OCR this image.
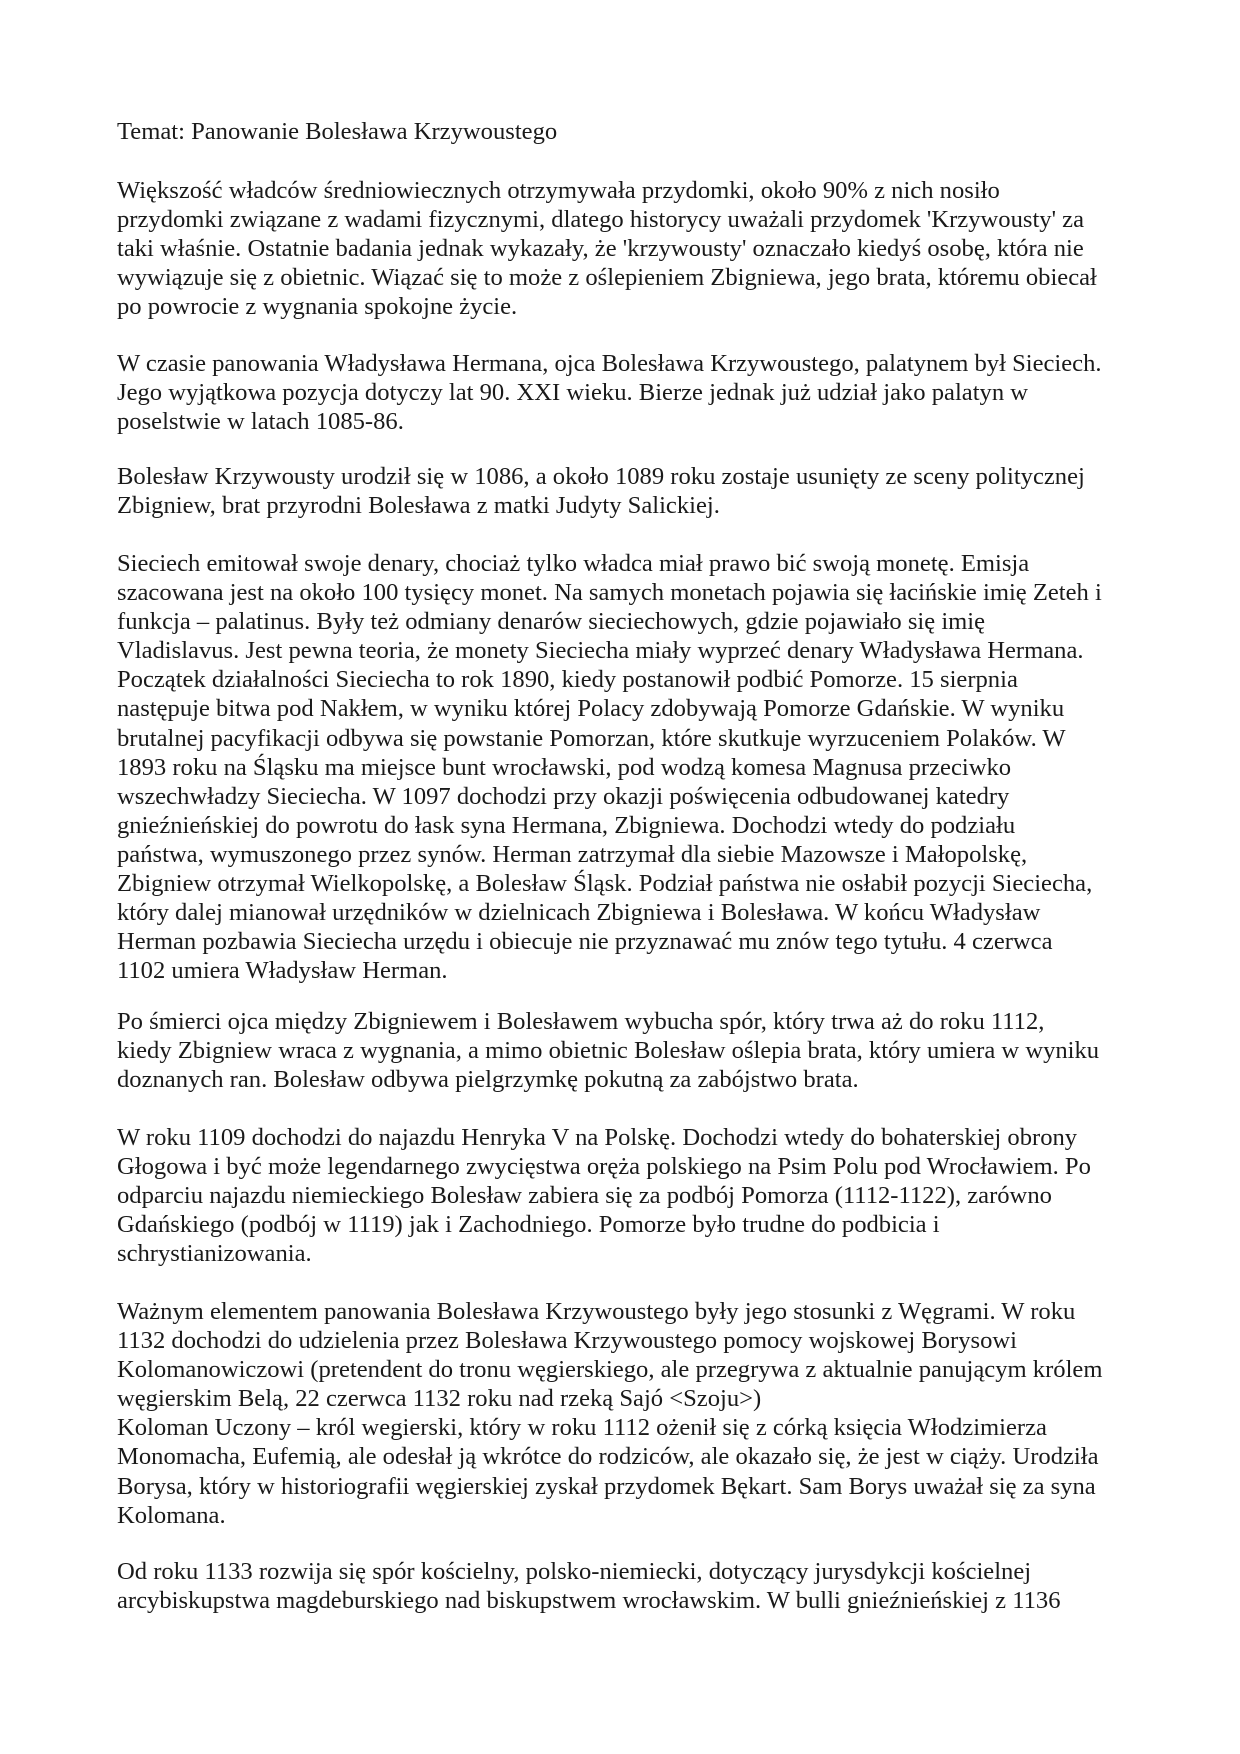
Temat: Panowanie Bolesława Krzywoustego
Większość władców średniowiecznych otrzymywała przydomki, około 90% z nich nosiło
przydomki związane z wadami fizycznymi, dlatego historycy uważali przydomek 'Krzywousty' za
taki właśnie. Ostatnie badania jednak wykazały, że 'krzywousty' oznaczało kiedyś osobę, która nie
wywiązuje się z obietnic. Wiązać się to może z oślepieniem Zbigniewa, jego brata, któremu obiecał
po powrocie z wygnania spokojne życie.
W czasie panowania Władysława Hermana, ojca Bolesława Krzywoustego, palatynem był Sieciech.
Jego wyjątkowa pozycja dotyczy lat 90. XXI wieku. Bierze jednak już udział jako palatyn w
poselstwie w latach 1085-86.
Bolesław Krzywousty urodził się w 1086, a około 1089 roku zostaje usunięty ze sceny politycznej
Zbigniew, brat przyrodni Bolesława z matki Judyty Salickiej.
Sieciech emitował swoje denary, chociaż tylko władca miał prawo bić swoją monetę. Emisja
szacowana jest na około 100 tysięcy monet. Na samych monetach pojawia się łacińskie imię Zeteh i
funkcja – palatinus. Były też odmiany denarów sieciechowych, gdzie pojawiało się imię
Vladislavus. Jest pewna teoria, że monety Sieciecha miały wyprzeć denary Władysława Hermana.
Początek działalności Sieciecha to rok 1890, kiedy postanowił podbić Pomorze. 15 sierpnia
następuje bitwa pod Nakłem, w wyniku której Polacy zdobywają Pomorze Gdańskie. W wyniku
brutalnej pacyfikacji odbywa się powstanie Pomorzan, które skutkuje wyrzuceniem Polaków. W
1893 roku na Śląsku ma miejsce bunt wrocławski, pod wodzą komesa Magnusa przeciwko
wszechwładzy Sieciecha. W 1097 dochodzi przy okazji poświęcenia odbudowanej katedry
gnieźnieńskiej do powrotu do łask syna Hermana, Zbigniewa. Dochodzi wtedy do podziału
państwa, wymuszonego przez synów. Herman zatrzymał dla siebie Mazowsze i Małopolskę,
Zbigniew otrzymał Wielkopolskę, a Bolesław Śląsk. Podział państwa nie osłabił pozycji Sieciecha,
który dalej mianował urzędników w dzielnicach Zbigniewa i Bolesława. W końcu Władysław
Herman pozbawia Sieciecha urzędu i obiecuje nie przyznawać mu znów tego tytułu. 4 czerwca
1102 umiera Władysław Herman.
Po śmierci ojca między Zbigniewem i Bolesławem wybucha spór, który trwa aż do roku 1112,
kiedy Zbigniew wraca z wygnania, a mimo obietnic Bolesław oślepia brata, który umiera w wyniku
doznanych ran. Bolesław odbywa pielgrzymkę pokutną za zabójstwo brata.
W roku 1109 dochodzi do najazdu Henryka V na Polskę. Dochodzi wtedy do bohaterskiej obrony
Głogowa i być może legendarnego zwycięstwa oręża polskiego na Psim Polu pod Wrocławiem. Po
odparciu najazdu niemieckiego Bolesław zabiera się za podbój Pomorza (1112-1122), zarówno
Gdańskiego (podbój w 1119) jak i Zachodniego. Pomorze było trudne do podbicia i
schrystianizowania.
Ważnym elementem panowania Bolesława Krzywoustego były jego stosunki z Węgrami. W roku
1132 dochodzi do udzielenia przez Bolesława Krzywoustego pomocy wojskowej Borysowi
Kolomanowiczowi (pretendent do tronu węgierskiego, ale przegrywa z aktualnie panującym królem
węgierskim Belą, 22 czerwca 1132 roku nad rzeką Sajó <Szoju>)
Koloman Uczony – król wegierski, który w roku 1112 ożenił się z córką księcia Włodzimierza
Monomacha, Eufemią, ale odesłał ją wkrótce do rodziców, ale okazało się, że jest w ciąży. Urodziła
Borysa, który w historiografii węgierskiej zyskał przydomek Bękart. Sam Borys uważał się za syna
Kolomana.
Od roku 1133 rozwija się spór kościelny, polsko-niemiecki, dotyczący jurysdykcji kościelnej
arcybiskupstwa magdeburskiego nad biskupstwem wrocławskim. W bulli gnieźnieńskiej z 1136
